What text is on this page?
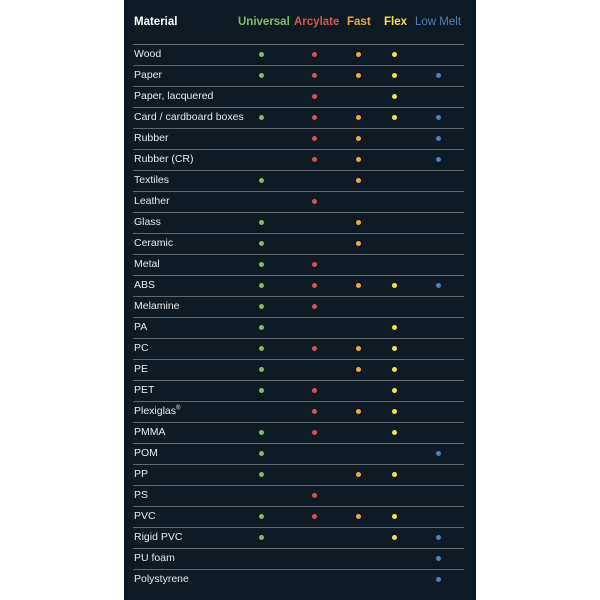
Material	Universal Arcylate Fast Flex Low Melt
Wood
Paper
Paper, lacquered
Card / cardboard boxes
Rubber
Rubber (CR)
Textiles
Leather
Glass
Ceramic
Metal
ABS
Melamine
PA
PC
PE
PET
Plexiglas®
PMMA
POM
PP
PS
PVC
Rigid PVC
PU foam
Polystyrene
